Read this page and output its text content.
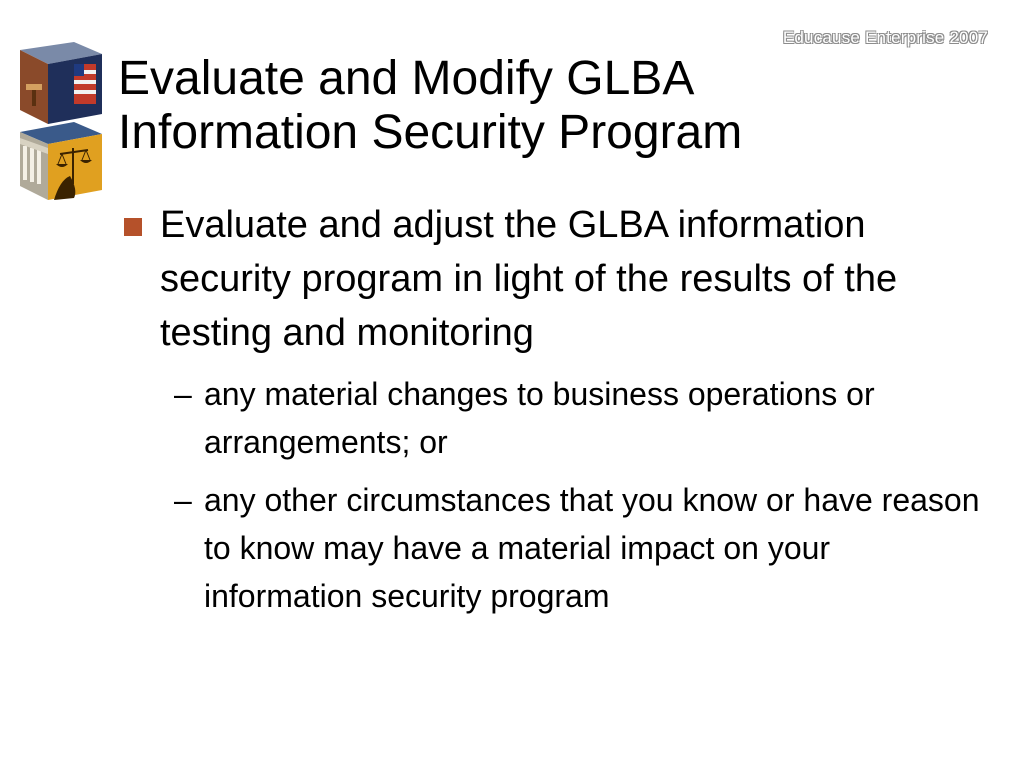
Educause Enterprise 2007
Evaluate and Modify GLBA
Information Security Program
Evaluate and adjust the GLBA information security program in light of the results of the testing and monitoring
– any material changes to business operations or arrangements; or
– any other circumstances that you know or have reason to know may have a material impact on your information security program
